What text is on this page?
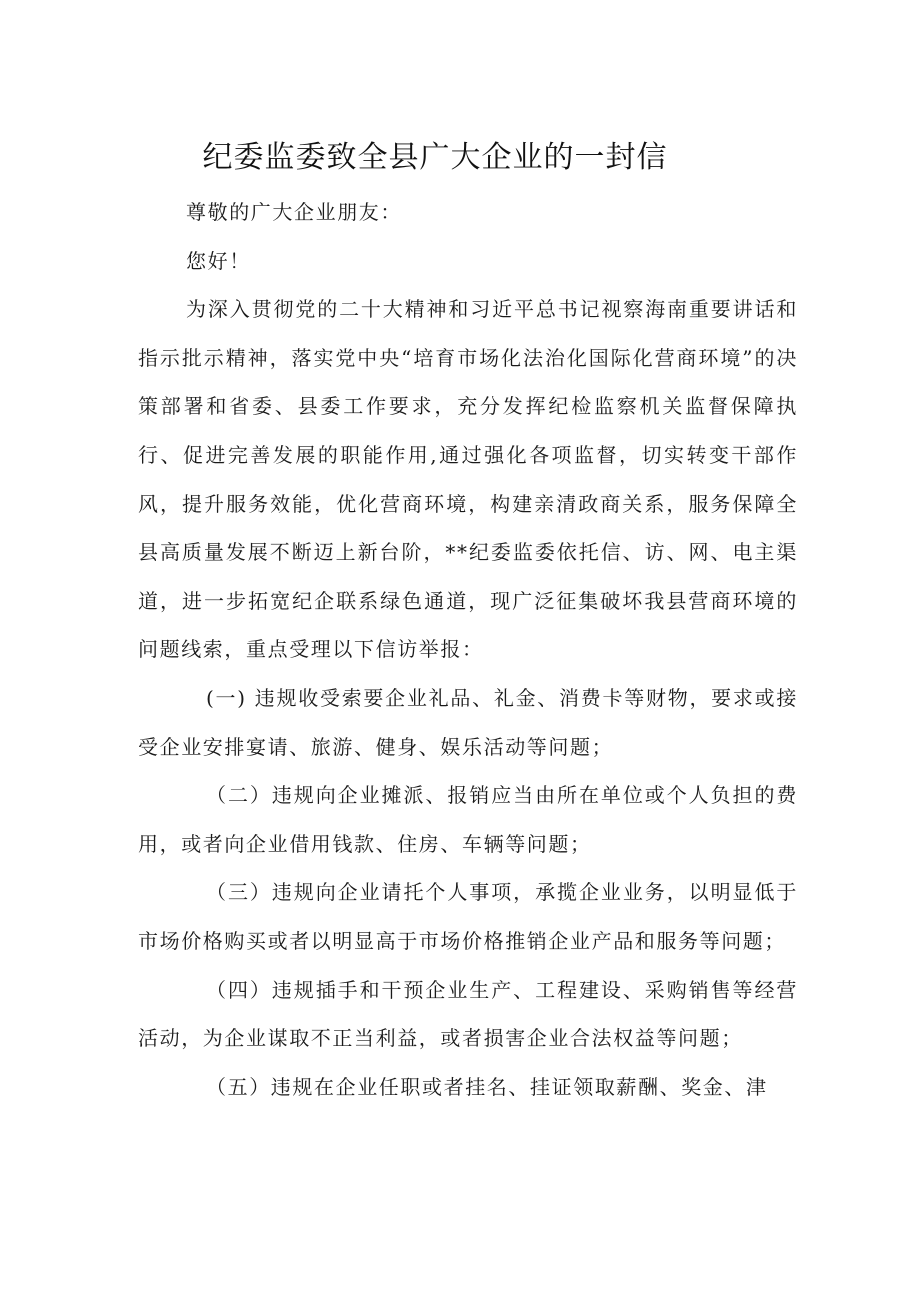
纪委监委致全县广大企业的一封信

尊敬的广大企业朋友：

您好！

为深入贯彻党的二十大精神和习近平总书记视察海南重要讲话和指示批示精神，落实党中央“培育市场化法治化国际化营商环境”的决策部署和省委、县委工作要求，充分发挥纪检监察机关监督保障执行、促进完善发展的职能作用,通过强化各项监督，切实转变干部作风，提升服务效能，优化营商环境，构建亲清政商关系，服务保障全县高质量发展不断迈上新台阶，**纪委监委依托信、访、网、电主渠道，进一步拓宽纪企联系绿色通道，现广泛征集破坏我县营商环境的问题线索，重点受理以下信访举报：

(一) 违规收受索要企业礼品、礼金、消费卡等财物，要求或接受企业安排宴请、旅游、健身、娱乐活动等问题；

（二）违规向企业摊派、报销应当由所在单位或个人负担的费用，或者向企业借用钱款、住房、车辆等问题；

（三）违规向企业请托个人事项，承揽企业业务，以明显低于市场价格购买或者以明显高于市场价格推销企业产品和服务等问题；

（四）违规插手和干预企业生产、工程建设、采购销售等经营活动，为企业谋取不正当利益，或者损害企业合法权益等问题；

（五）违规在企业任职或者挂名、挂证领取薪酬、奖金、津
